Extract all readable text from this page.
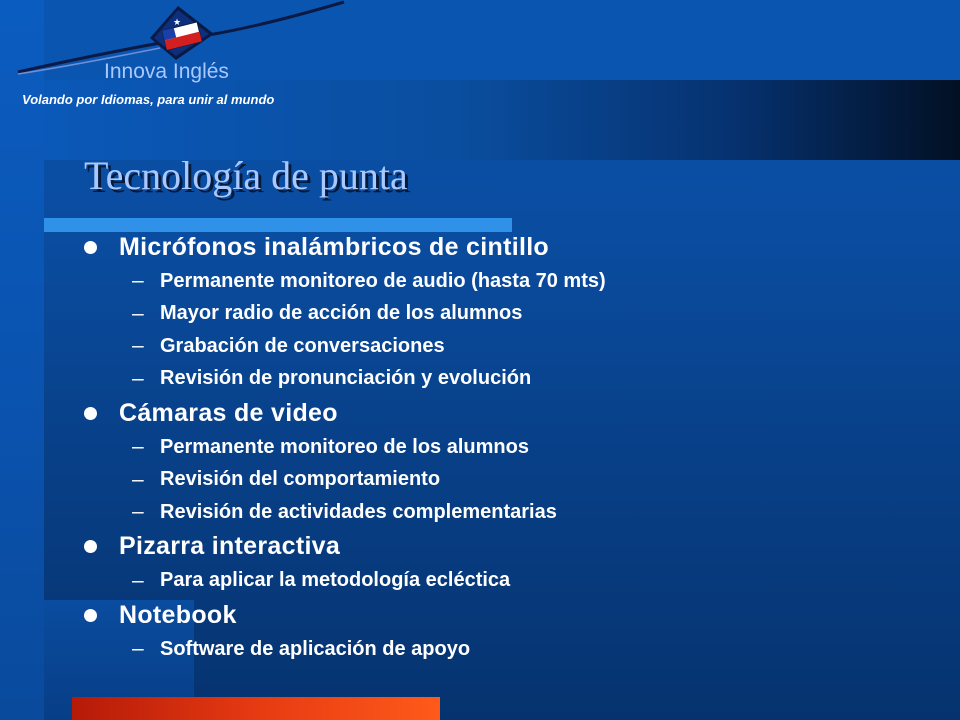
★
Innova Inglés
Volando por Idiomas, para unir al mundo
Tecnología de punta
Micrófonos inalámbricos de cintillo
– Permanente monitoreo de audio (hasta 70 mts)
– Mayor radio de acción de los alumnos
– Grabación de conversaciones
– Revisión de pronunciación y evolución
Cámaras de video
– Permanente monitoreo de los alumnos
– Revisión del comportamiento
– Revisión de actividades complementarias
Pizarra interactiva
– Para aplicar la metodología ecléctica
Notebook
– Software de aplicación de apoyo
